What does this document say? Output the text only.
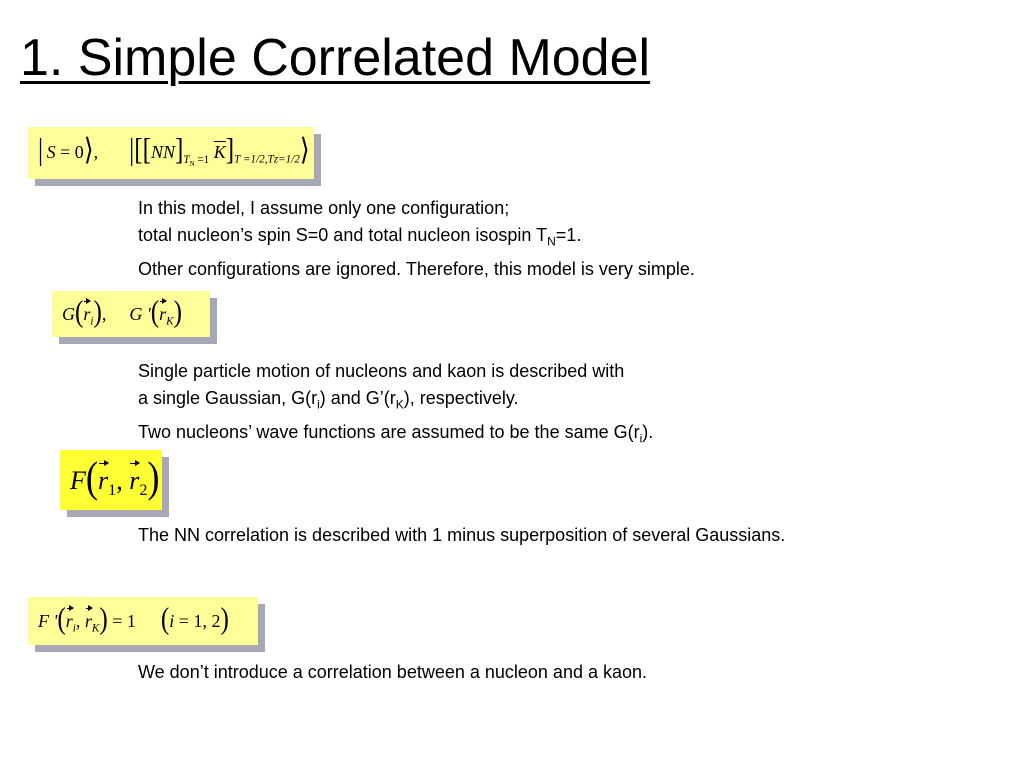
1. Simple Correlated Model
|  S = 0⟩, $|[[NN]_{T_N =1}$ $\overline{K}]_{T =1/2,Tz=1/2}⟩$

In this model, I assume only one configuration;
total nucleon’s spin S=0 and total nucleon isospin $T_N=1$.
Other configurations are ignored. Therefore, this model is very simple.

$G(r_i)$, G '$(r_K)$

Single particle motion of nucleons and kaon is described with
a single Gaussian, $G(r_i)$ and $G’(r_K)$, respectively.
Two nucleons’ wave functions are assumed to be the same $G(r_i)$.

$F(r_1$, $r_2$)

The NN correlation is described with 1 minus superposition of several Gaussians.

F '($r_i$, $r_K) = 1$ (i = 1, 2)

We don’t introduce a correlation between a nucleon and a kaon.
